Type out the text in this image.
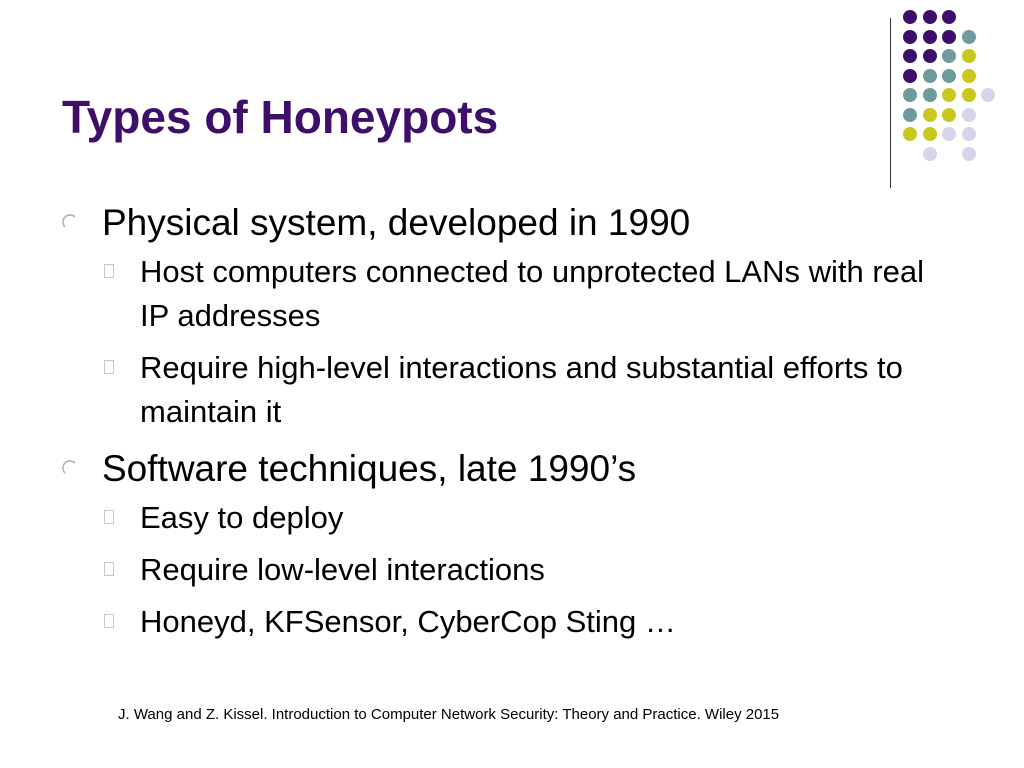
Types of Honeypots
Physical system, developed in 1990
Host computers connected to unprotected LANs with real IP addresses
Require high-level interactions and substantial efforts to maintain it
Software techniques, late 1990’s
Easy to deploy
Require low-level interactions
Honeyd, KFSensor, CyberCop Sting …
J. Wang and Z. Kissel. Introduction to Computer Network Security: Theory and Practice. Wiley 2015
